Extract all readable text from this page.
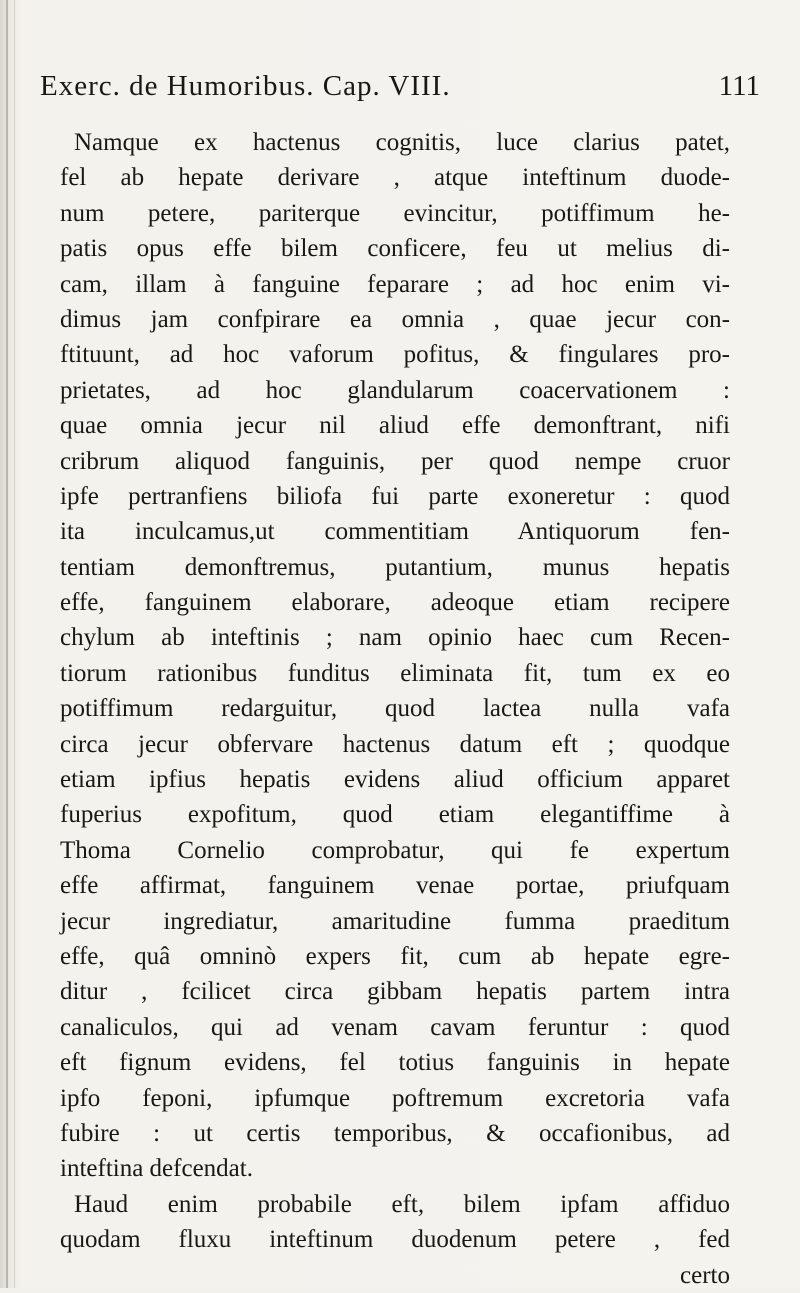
Exerc. de Humoribus. Cap. VIII.	111
Namque ex hactenus cognitis, luce clarius patet,
fel ab hepate derivare , atque inteftinum duode-
num petere, pariterque evincitur, potiffimum he-
patis opus effe bilem conficere, feu ut melius di-
cam, illam à fanguine feparare ; ad hoc enim vi-
dimus jam confpirare ea omnia , quae jecur con-
ftituunt, ad hoc vaforum pofitus, & fingulares pro-
prietates, ad hoc glandularum coacervationem :
quae omnia jecur nil aliud effe demonftrant, nifi
cribrum aliquod fanguinis, per quod nempe cruor
ipfe pertranfiens biliofa fui parte exoneretur : quod
ita inculcamus,ut commentitiam Antiquorum fen-
tentiam demonftremus, putantium, munus hepatis
effe, fanguinem elaborare, adeoque etiam recipere
chylum ab inteftinis ; nam opinio haec cum Recen-
tiorum rationibus funditus eliminata fit, tum ex eo
potiffimum redarguitur, quod lactea nulla vafa
circa jecur obfervare hactenus datum eft ; quodque
etiam ipfius hepatis evidens aliud officium apparet
fuperius expofitum, quod etiam elegantiffime à
Thoma Cornelio comprobatur, qui fe expertum
effe affirmat, fanguinem venae portae, priufquam
jecur ingrediatur, amaritudine fumma praeditum
effe, quâ omninò expers fit, cum ab hepate egre-
ditur , fcilicet circa gibbam hepatis partem intra
canaliculos, qui ad venam cavam feruntur : quod
eft fignum evidens, fel totius fanguinis in hepate
ipfo feponi, ipfumque poftremum excretoria vafa
fubire : ut certis temporibus, & occafionibus, ad
inteftina defcendat.
Haud enim probabile eft, bilem ipfam affiduo
quodam fluxu inteftinum duodenum petere , fed
certo
